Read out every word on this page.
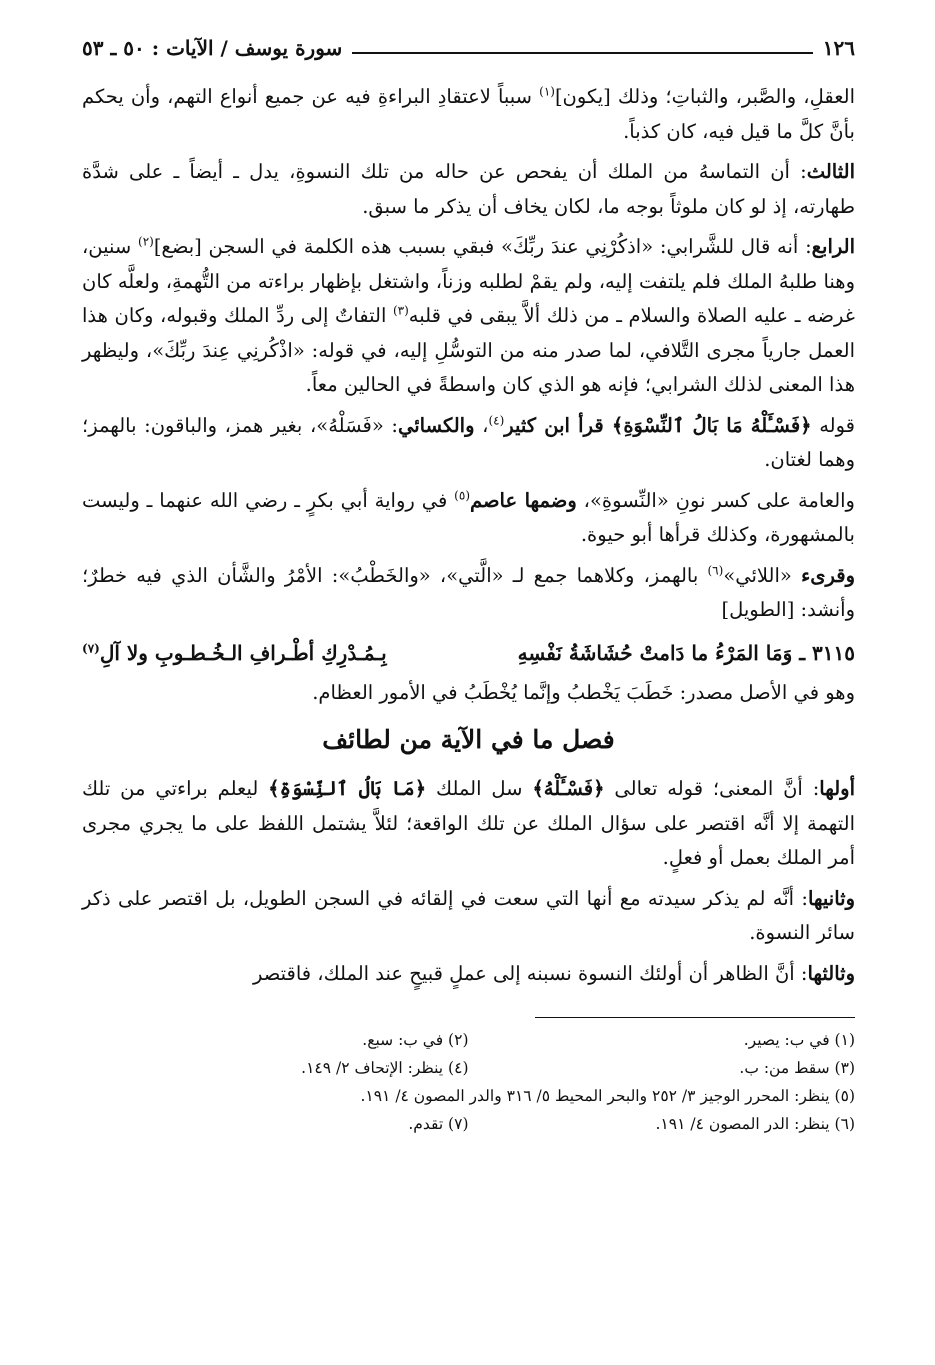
١٢٦
سورة يوسف / الآيات : ٥٠ ـ ٥٣

العقلِ، والصَّبر، والثباتِ؛ وذلك [يكون]$^{(١)}$ سبباً لاعتقادِ البراءةِ فيه عن جميع أنواع التهم، وأن يحكم بأنَّ كلَّ ما قيل فيه، كان كذباً.

الثالث: أن التماسهُ من الملك أن يفحص عن حاله من تلك النسوةِ، يدل ـ أيضاً ـ على شدَّة طهارته، إذ لو كان ملوثاً بوجه ما، لكان يخاف أن يذكر ما سبق.

الرابع: أنه قال للشَّرابي: «اذكُرْنِي عندَ ربِّكَ» فبقي بسبب هذه الكلمة في السجن [بضع]$^{(٢)}$ سنين، وهنا طلبهُ الملك فلم يلتفت إليه، ولم يقمْ لطلبه وزناً، واشتغل بإظهار براءته من التُّهمةِ، ولعلَّه كان غرضه ـ عليه الصلاة والسلام ـ من ذلك ألاَّ يبقى في قلبه$^{(٣)}$ التفاتٌ إلى ردِّ الملك وقبوله، وكان هذا العمل جارياً مجرى التَّلافي، لما صدر منه من التوسُّلِ إليه، في قوله: «اذْكُرنِي عِندَ ربِّكَ»، وليظهر هذا المعنى لذلك الشرابي؛ فإنه هو الذي كان واسطةً في الحالين معاً.

قوله ﴿فَسْـَٔلْهُ مَا بَالُ ٱلنِّسْوَةِ﴾ قرأ ابن كثير$^{(٤)}$، والكسائي: «فَسَلْهُ»، بغير همز، والباقون: بالهمز؛ وهما لغتان.

والعامة على كسر نونِ «النِّسوةِ»، وضمها عاصم$^{(٥)}$ في رواية أبي بكرٍ ـ رضي الله عنهما ـ وليست بالمشهورة، وكذلك قرأها أبو حيوة.

وقرىء «اللائي»$^{(٦)}$ بالهمز، وكلاهما جمع لـ «الَّتي»، «والخَطْبُ»: الأمْرُ والشَّأن الذي فيه خطرٌ؛ وأنشد: [الطويل]

٣١١٥ ـ وَمَا المَرْءُ ما دَامتْ حُشَاشَةُ نَفْسِهِ
بِـمُـدْرِكِ أطْـرافِ الـخُـطـوبِ ولا آلِ$^{(٧)}$

وهو في الأصل مصدر: خَطَبَ يَخْطبُ وإنَّما يُخْطَبُ في الأمور العظام.

فصل ما في الآية من لطائف

أولها: أنَّ المعنى؛ قوله تعالى ﴿فَسْـَٔلْهُ﴾ سل الملك ﴿مَا بَالُ ٱلنِّسْوَةِ﴾ ليعلم براءتي من تلك التهمة إلا أنَّه اقتصر على سؤال الملك عن تلك الواقعة؛ لئلاَّ يشتمل اللفظ على ما يجري مجرى أمر الملك بعمل أو فعلٍ.

وثانيها: أنَّه لم يذكر سيدته مع أنها التي سعت في إلقائه في السجن الطويل، بل اقتصر على ذكر سائر النسوة.

وثالثها: أنَّ الظاهر أن أولئك النسوة نسبنه إلى عملٍ قبيحٍ عند الملك، فاقتصر

(١) في ب: يصير.
(٢) في ب: سبع.
(٣) سقط من: ب.
(٤) ينظر: الإتحاف ٢/ ١٤٩.
(٥) ينظر: المحرر الوجيز ٣/ ٢٥٢ والبحر المحيط ٥/ ٣١٦ والدر المصون ٤/ ١٩١.
(٦) ينظر: الدر المصون ٤/ ١٩١.
(٧) تقدم.
